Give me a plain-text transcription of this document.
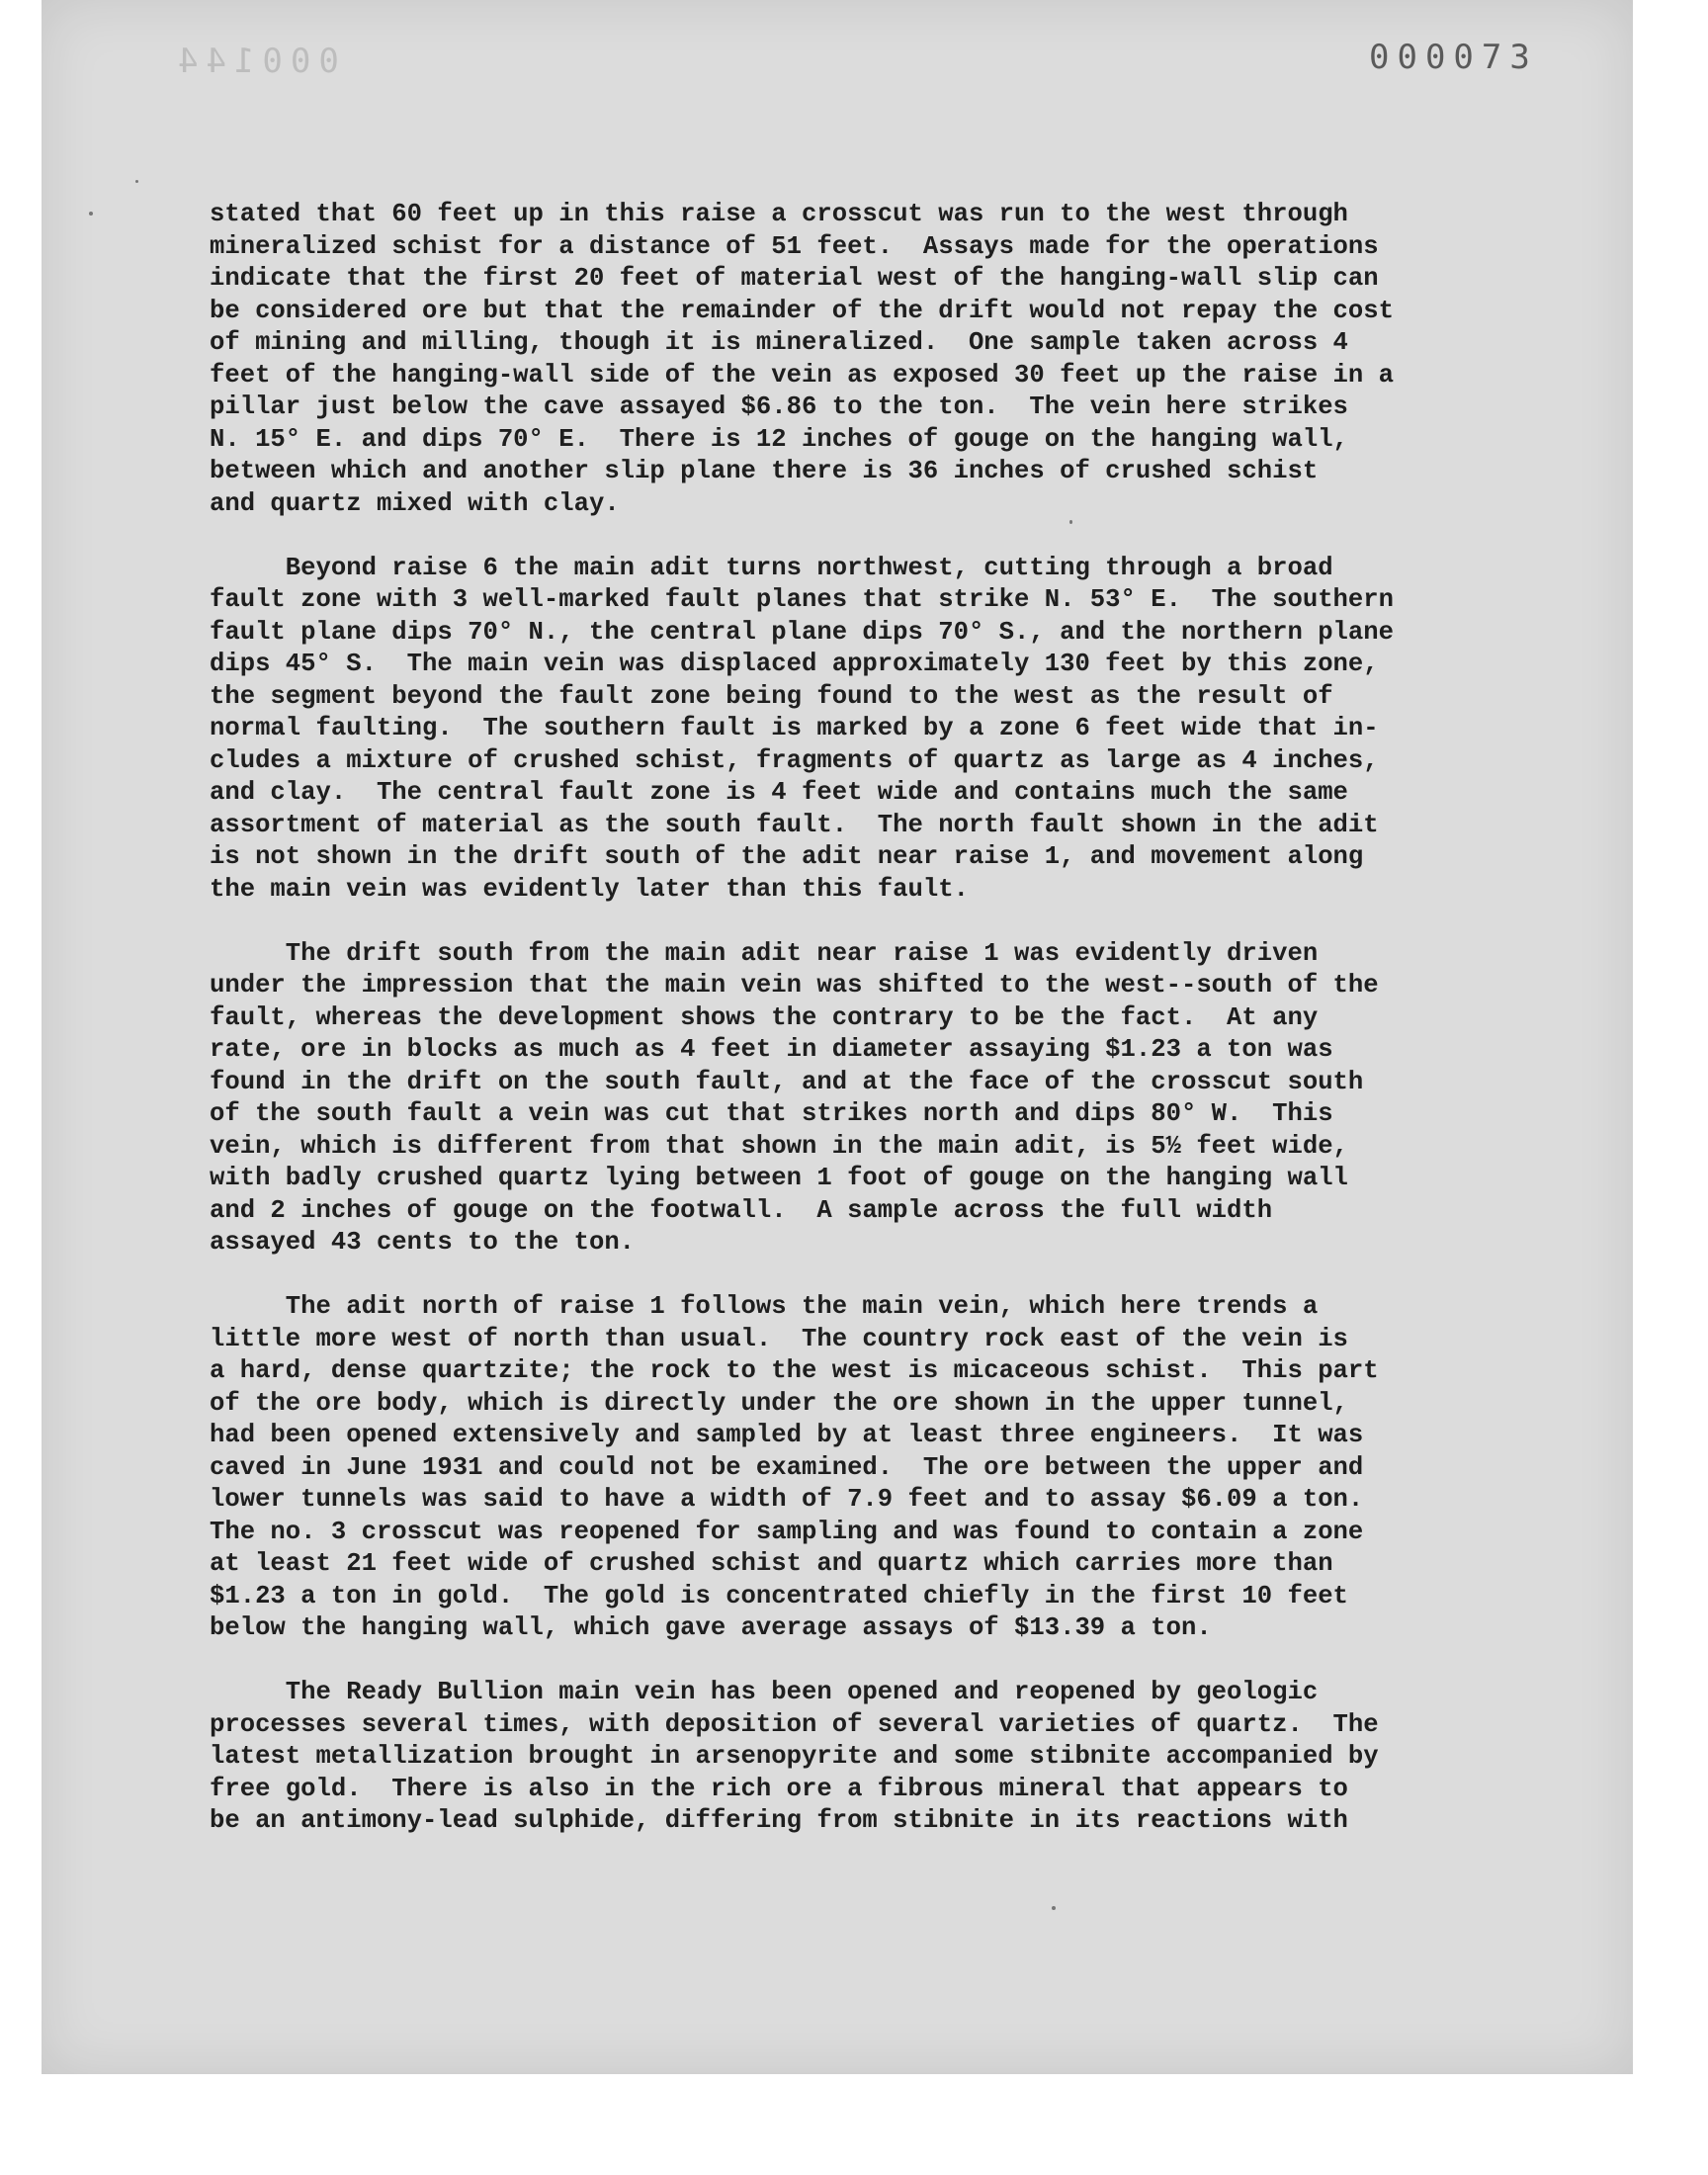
000144	000073
stated that 60 feet up in this raise a crosscut was run to the west through
mineralized schist for a distance of 51 feet.  Assays made for the operations
indicate that the first 20 feet of material west of the hanging-wall slip can
be considered ore but that the remainder of the drift would not repay the cost
of mining and milling, though it is mineralized.  One sample taken across 4
feet of the hanging-wall side of the vein as exposed 30 feet up the raise in a
pillar just below the cave assayed $6.86 to the ton.  The vein here strikes
N. 15° E. and dips 70° E.  There is 12 inches of gouge on the hanging wall,
between which and another slip plane there is 36 inches of crushed schist
and quartz mixed with clay.
Beyond raise 6 the main adit turns northwest, cutting through a broad
fault zone with 3 well-marked fault planes that strike N. 53° E.  The southern
fault plane dips 70° N., the central plane dips 70° S., and the northern plane
dips 45° S.  The main vein was displaced approximately 130 feet by this zone,
the segment beyond the fault zone being found to the west as the result of
normal faulting.  The southern fault is marked by a zone 6 feet wide that in-
cludes a mixture of crushed schist, fragments of quartz as large as 4 inches,
and clay.  The central fault zone is 4 feet wide and contains much the same
assortment of material as the south fault.  The north fault shown in the adit
is not shown in the drift south of the adit near raise 1, and movement along
the main vein was evidently later than this fault.
The drift south from the main adit near raise 1 was evidently driven
under the impression that the main vein was shifted to the west--south of the
fault, whereas the development shows the contrary to be the fact.  At any
rate, ore in blocks as much as 4 feet in diameter assaying $1.23 a ton was
found in the drift on the south fault, and at the face of the crosscut south
of the south fault a vein was cut that strikes north and dips 80° W.  This
vein, which is different from that shown in the main adit, is 5½ feet wide,
with badly crushed quartz lying between 1 foot of gouge on the hanging wall
and 2 inches of gouge on the footwall.  A sample across the full width
assayed 43 cents to the ton.
The adit north of raise 1 follows the main vein, which here trends a
little more west of north than usual.  The country rock east of the vein is
a hard, dense quartzite; the rock to the west is micaceous schist.  This part
of the ore body, which is directly under the ore shown in the upper tunnel,
had been opened extensively and sampled by at least three engineers.  It was
caved in June 1931 and could not be examined.  The ore between the upper and
lower tunnels was said to have a width of 7.9 feet and to assay $6.09 a ton.
The no. 3 crosscut was reopened for sampling and was found to contain a zone
at least 21 feet wide of crushed schist and quartz which carries more than
$1.23 a ton in gold.  The gold is concentrated chiefly in the first 10 feet
below the hanging wall, which gave average assays of $13.39 a ton.
The Ready Bullion main vein has been opened and reopened by geologic
processes several times, with deposition of several varieties of quartz.  The
latest metallization brought in arsenopyrite and some stibnite accompanied by
free gold.  There is also in the rich ore a fibrous mineral that appears to
be an antimony-lead sulphide, differing from stibnite in its reactions with
